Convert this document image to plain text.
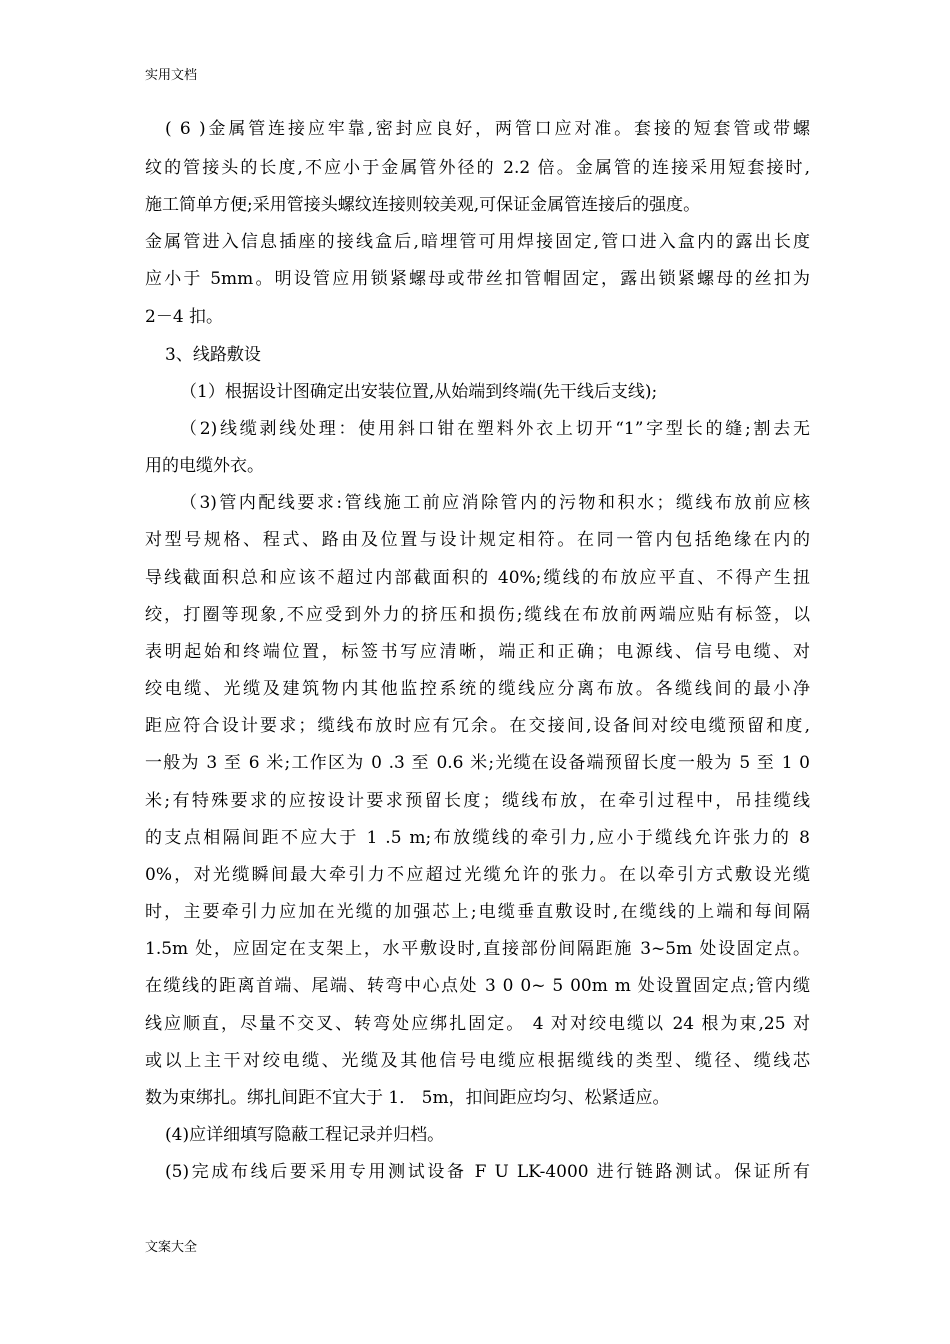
实用文档
( 6 )金属管连接应牢靠,密封应良好，两管口应对准。套接的短套管或带螺
纹的管接头的长度,不应小于金属管外径的 2.2 倍。金属管的连接采用短套接时,
施工简单方便;采用管接头螺纹连接则较美观,可保证金属管连接后的强度。
金属管进入信息插座的接线盒后,暗埋管可用焊接固定,管口进入盒内的露出长度
应小于 5mm。明设管应用锁紧螺母或带丝扣管帽固定，露出锁紧螺母的丝扣为
2－4 扣。
3、线路敷设
（1）根据设计图确定出安装位置,从始端到终端(先干线后支线);
（2)线缆剥线处理：使用斜口钳在塑料外衣上切开“1”字型长的缝;割去无
用的电缆外衣。
（3)管内配线要求:管线施工前应消除管内的污物和积水；缆线布放前应核
对型号规格、程式、路由及位置与设计规定相符。在同一管内包括绝缘在内的
导线截面积总和应该不超过内部截面积的 40%;缆线的布放应平直、不得产生扭
绞，打圈等现象,不应受到外力的挤压和损伤;缆线在布放前两端应贴有标签，以
表明起始和终端位置，标签书写应清晰，端正和正确；电源线、信号电缆、对
绞电缆、光缆及建筑物内其他监控系统的缆线应分离布放。各缆线间的最小净
距应符合设计要求；缆线布放时应有冗余。在交接间,设备间对绞电缆预留和度,
一般为 3 至 6 米;工作区为 0 .3 至 0.6 米;光缆在设备端预留长度一般为 5 至 1 0
米;有特殊要求的应按设计要求预留长度；缆线布放，在牵引过程中，吊挂缆线
的支点相隔间距不应大于 1 .5 m;布放缆线的牵引力,应小于缆线允许张力的 8
0%，对光缆瞬间最大牵引力不应超过光缆允许的张力。在以牵引方式敷设光缆
时，主要牵引力应加在光缆的加强芯上;电缆垂直敷设时,在缆线的上端和每间隔
1.5m 处，应固定在支架上，水平敷设时,直接部份间隔距施 3~5m 处设固定点。
在缆线的距离首端、尾端、转弯中心点处 3 0 0~ 5 00m m 处设置固定点;管内缆
线应顺直，尽量不交叉、转弯处应绑扎固定。 4 对对绞电缆以 24 根为束,25 对
或以上主干对绞电缆、光缆及其他信号电缆应根据缆线的类型、缆径、缆线芯
数为束绑扎。绑扎间距不宜大于 1． 5m，扣间距应均匀、松紧适应。
(4)应详细填写隐蔽工程记录并归档。
(5)完成布线后要采用专用测试设备 F U LK-4000 进行链路测试。保证所有
文案大全
